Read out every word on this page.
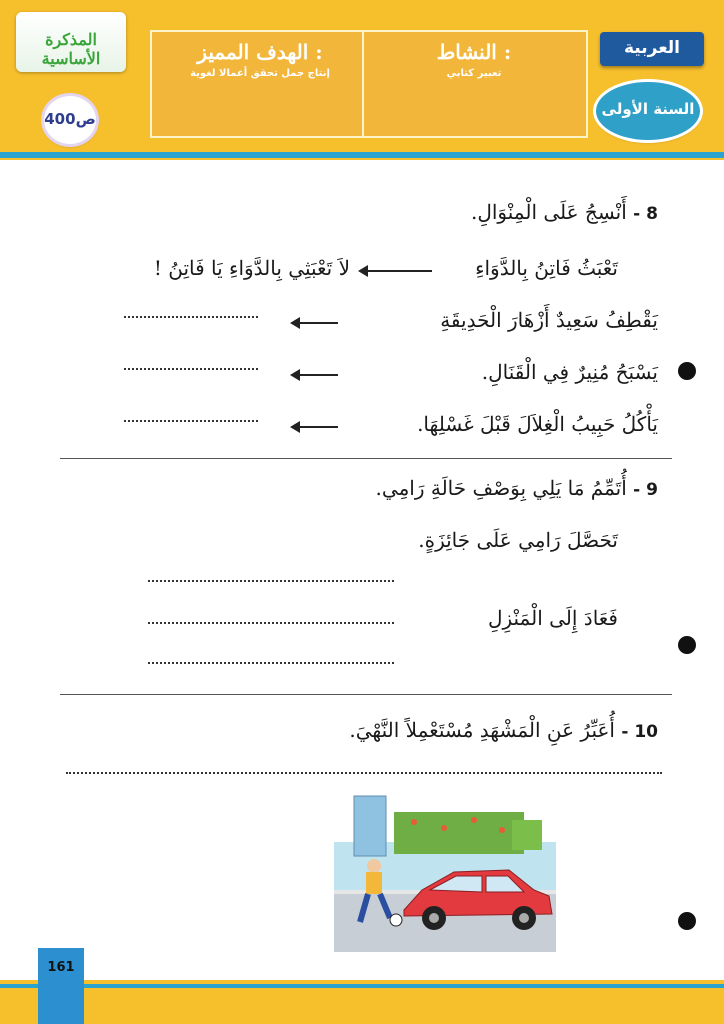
المذكرة الأساسية
400ص
الهدف المميز :
إنتاج جمل تحقق أعمالا لغوية
النشاط :
تعبير كتابي
العربية
السنة الأولى
8 - أَنْسِجُ عَلَى الْمِنْوَالِ.
تَعْبَثُ فَاتِنُ بِالدَّوَاءِ
لاَ تَعْبَثِي بِالدَّوَاءِ يَا فَاتِنُ !
يَقْطِفُ سَعِيدٌ أَزْهَارَ الْحَدِيقَةِ
يَسْبَحُ مُنِيرٌ فِي الْقَنَالِ.
يَأْكُلُ حَبِيبُ الْغِلاَلَ قَبْلَ غَسْلِهَا.
9 - أُتَمِّمُ مَا يَلِي بِوَصْفِ حَالَةِ رَامِي.
تَحَصَّلَ رَامِي عَلَى جَائِزَةٍ.
فَعَادَ إِلَى الْمَنْزِلِ
10 - أُعَبِّرُ عَنِ الْمَشْهَدِ مُسْتَعْمِلاً النَّهْيَ.
161
